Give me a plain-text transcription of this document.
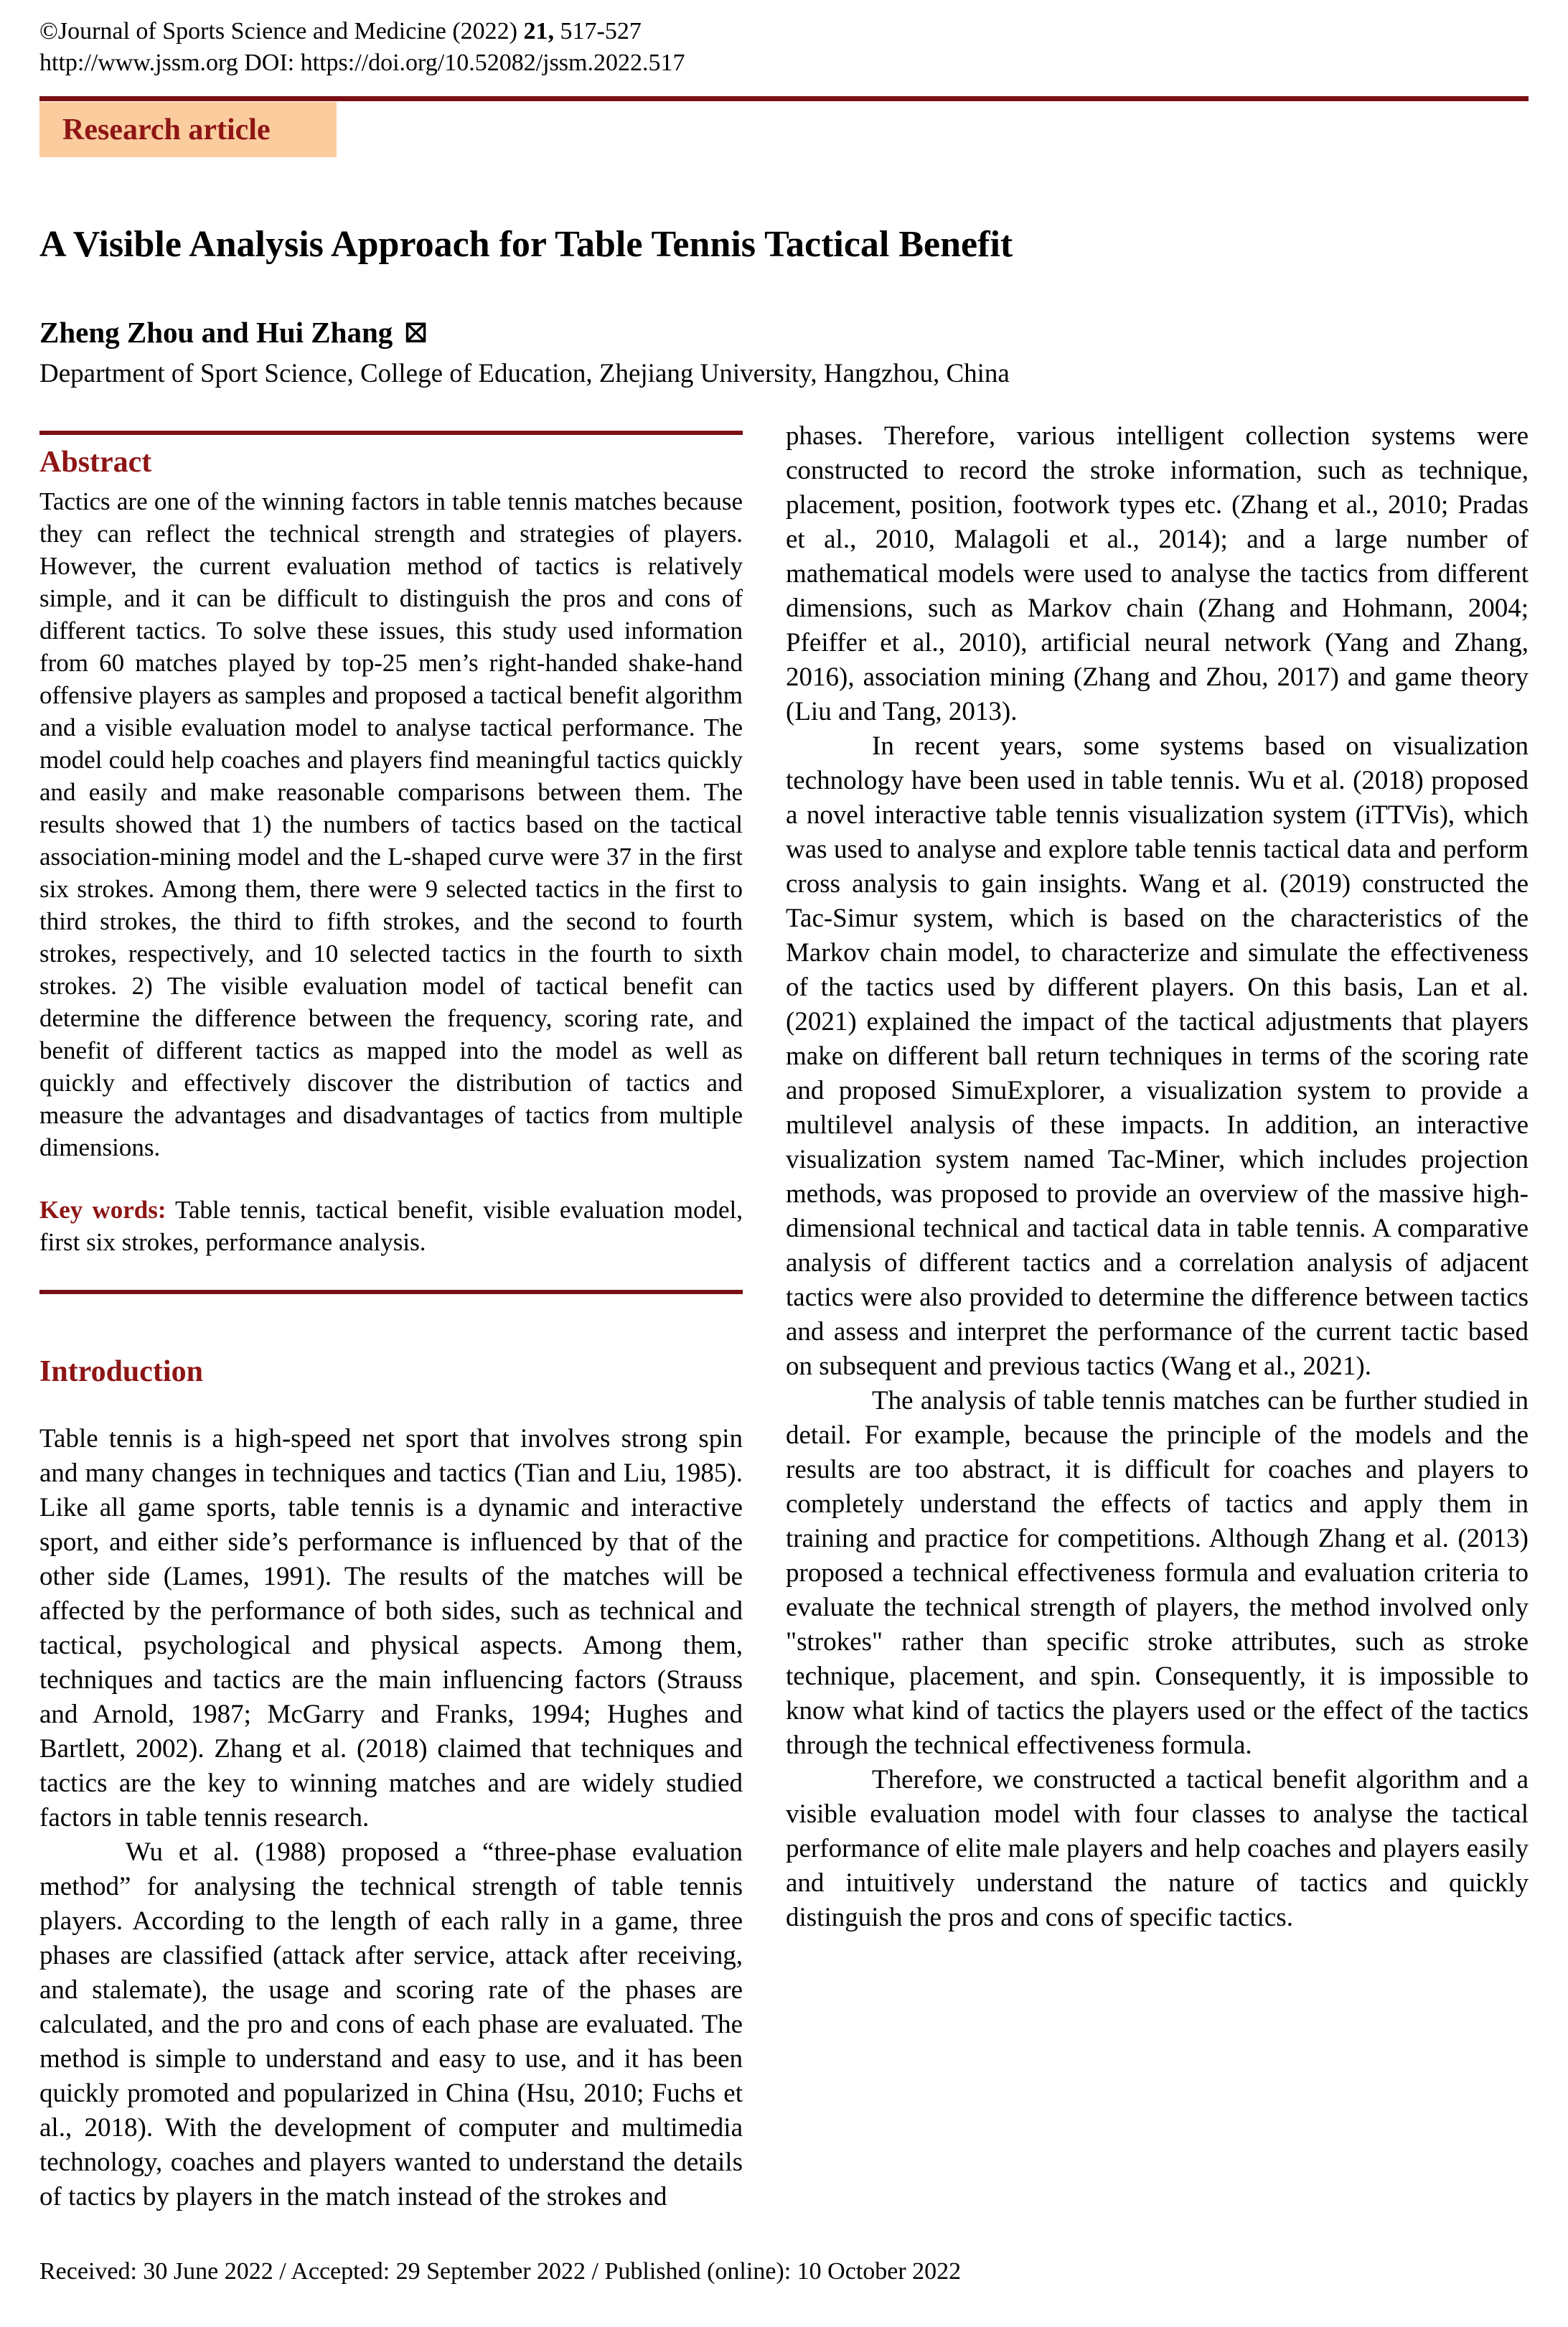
©Journal of Sports Science and Medicine (2022) 21, 517-527
http://www.jssm.org DOI: https://doi.org/10.52082/jssm.2022.517
Research article
A Visible Analysis Approach for Table Tennis Tactical Benefit
Zheng Zhou and Hui Zhang ⊠
Department of Sport Science, College of Education, Zhejiang University, Hangzhou, China
Abstract

Tactics are one of the winning factors in table tennis matches because they can reflect the technical strength and strategies of players. However, the current evaluation method of tactics is relatively simple, and it can be difficult to distinguish the pros and cons of different tactics. To solve these issues, this study used information from 60 matches played by top-25 men’s right-handed shake-hand offensive players as samples and proposed a tactical benefit algorithm and a visible evaluation model to analyse tactical performance. The model could help coaches and players find meaningful tactics quickly and easily and make reasonable comparisons between them. The results showed that 1) the numbers of tactics based on the tactical association-mining model and the L-shaped curve were 37 in the first six strokes. Among them, there were 9 selected tactics in the first to third strokes, the third to fifth strokes, and the second to fourth strokes, respectively, and 10 selected tactics in the fourth to sixth strokes. 2) The visible evaluation model of tactical benefit can determine the difference between the frequency, scoring rate, and benefit of different tactics as mapped into the model as well as quickly and effectively discover the distribution of tactics and measure the advantages and disadvantages of tactics from multiple dimensions.

Key words: Table tennis, tactical benefit, visible evaluation model, first six strokes, performance analysis.

Introduction

Table tennis is a high-speed net sport that involves strong spin and many changes in techniques and tactics (Tian and Liu, 1985). Like all game sports, table tennis is a dynamic and interactive sport, and either side’s performance is influenced by that of the other side (Lames, 1991). The results of the matches will be affected by the performance of both sides, such as technical and tactical, psychological and physical aspects. Among them, techniques and tactics are the main influencing factors (Strauss and Arnold, 1987; McGarry and Franks, 1994; Hughes and Bartlett, 2002). Zhang et al. (2018) claimed that techniques and tactics are the key to winning matches and are widely studied factors in table tennis research.

Wu et al. (1988) proposed a “three-phase evaluation method” for analysing the technical strength of table tennis players. According to the length of each rally in a game, three phases are classified (attack after service, attack after receiving, and stalemate), the usage and scoring rate of the phases are calculated, and the pro and cons of each phase are evaluated. The method is simple to understand and easy to use, and it has been quickly promoted and popularized in China (Hsu, 2010; Fuchs et al., 2018). With the development of computer and multimedia technology, coaches and players wanted to understand the details of tactics by players in the match instead of the strokes and

phases. Therefore, various intelligent collection systems were constructed to record the stroke information, such as technique, placement, position, footwork types etc. (Zhang et al., 2010; Pradas et al., 2010, Malagoli et al., 2014); and a large number of mathematical models were used to analyse the tactics from different dimensions, such as Markov chain (Zhang and Hohmann, 2004; Pfeiffer et al., 2010), artificial neural network (Yang and Zhang, 2016), association mining (Zhang and Zhou, 2017) and game theory (Liu and Tang, 2013).

In recent years, some systems based on visualization technology have been used in table tennis. Wu et al. (2018) proposed a novel interactive table tennis visualization system (iTTVis), which was used to analyse and explore table tennis tactical data and perform cross analysis to gain insights. Wang et al. (2019) constructed the Tac-Simur system, which is based on the characteristics of the Markov chain model, to characterize and simulate the effectiveness of the tactics used by different players. On this basis, Lan et al. (2021) explained the impact of the tactical adjustments that players make on different ball return techniques in terms of the scoring rate and proposed SimuExplorer, a visualization system to provide a multilevel analysis of these impacts. In addition, an interactive visualization system named Tac-Miner, which includes projection methods, was proposed to provide an overview of the massive high-dimensional technical and tactical data in table tennis. A comparative analysis of different tactics and a correlation analysis of adjacent tactics were also provided to determine the difference between tactics and assess and interpret the performance of the current tactic based on subsequent and previous tactics (Wang et al., 2021).

The analysis of table tennis matches can be further studied in detail. For example, because the principle of the models and the results are too abstract, it is difficult for coaches and players to completely understand the effects of tactics and apply them in training and practice for competitions. Although Zhang et al. (2013) proposed a technical effectiveness formula and evaluation criteria to evaluate the technical strength of players, the method involved only "strokes" rather than specific stroke attributes, such as stroke technique, placement, and spin. Consequently, it is impossible to know what kind of tactics the players used or the effect of the tactics through the technical effectiveness formula.

Therefore, we constructed a tactical benefit algorithm and a visible evaluation model with four classes to analyse the tactical performance of elite male players and help coaches and players easily and intuitively understand the nature of tactics and quickly distinguish the pros and cons of specific tactics.

Received: 30 June 2022 / Accepted: 29 September 2022 / Published (online): 10 October 2022
